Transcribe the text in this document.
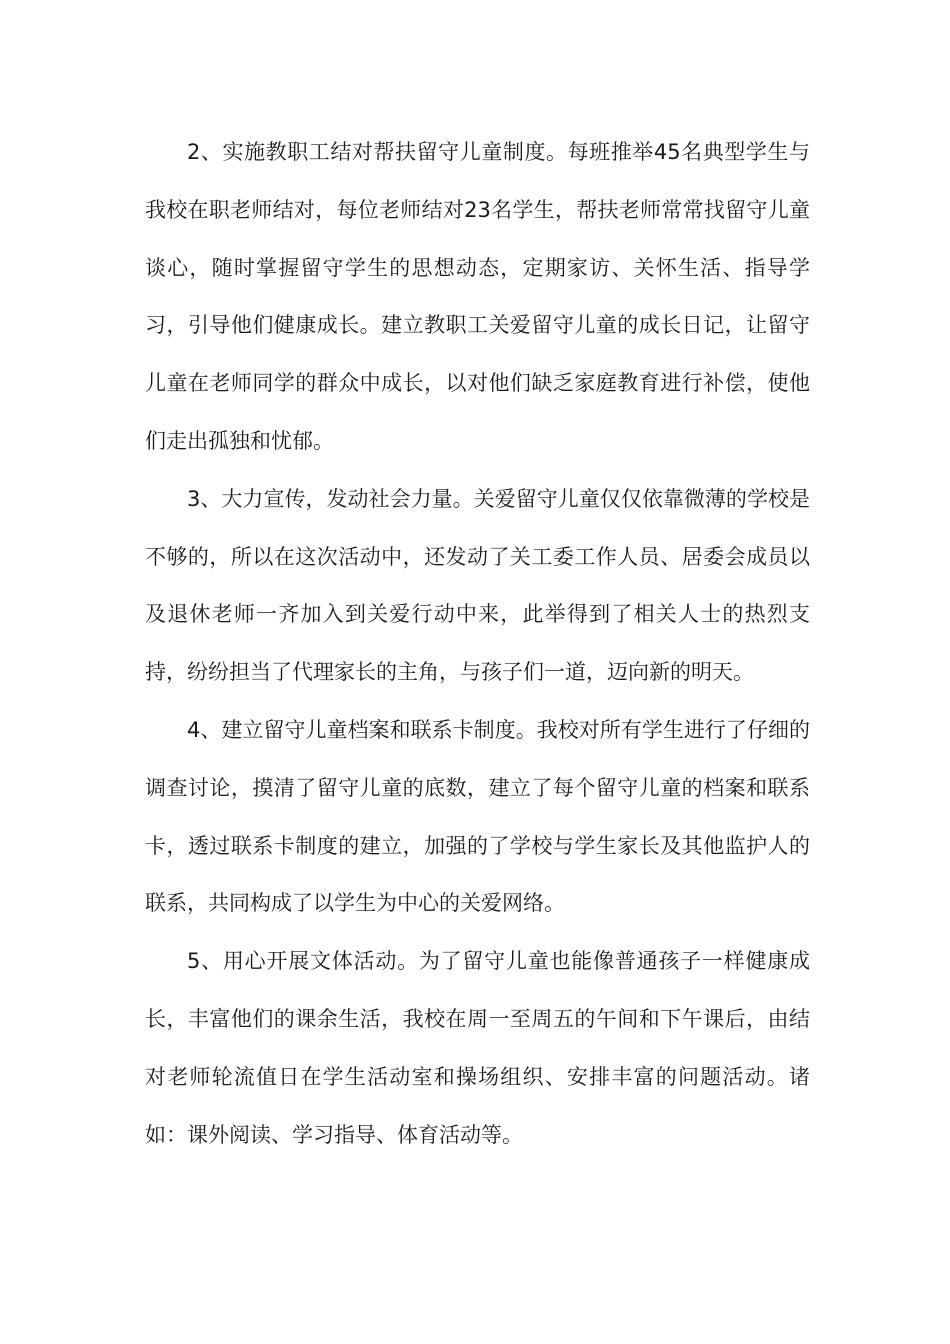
2、实施教职工结对帮扶留守儿童制度。每班推举45名典型学生与我校在职老师结对，每位老师结对23名学生，帮扶老师常常找留守儿童谈心，随时掌握留守学生的思想动态，定期家访、关怀生活、指导学习，引导他们健康成长。建立教职工关爱留守儿童的成长日记，让留守儿童在老师同学的群众中成长，以对他们缺乏家庭教育进行补偿，使他们走出孤独和忧郁。

3、大力宣传，发动社会力量。关爱留守儿童仅仅依靠微薄的学校是不够的，所以在这次活动中，还发动了关工委工作人员、居委会成员以及退休老师一齐加入到关爱行动中来，此举得到了相关人士的热烈支持，纷纷担当了代理家长的主角，与孩子们一道，迈向新的明天。

4、建立留守儿童档案和联系卡制度。我校对所有学生进行了仔细的调查讨论，摸清了留守儿童的底数，建立了每个留守儿童的档案和联系卡，透过联系卡制度的建立，加强的了学校与学生家长及其他监护人的联系，共同构成了以学生为中心的关爱网络。

5、用心开展文体活动。为了留守儿童也能像普通孩子一样健康成长，丰富他们的课余生活，我校在周一至周五的午间和下午课后，由结对老师轮流值日在学生活动室和操场组织、安排丰富的问题活动。诸如：课外阅读、学习指导、体育活动等。
